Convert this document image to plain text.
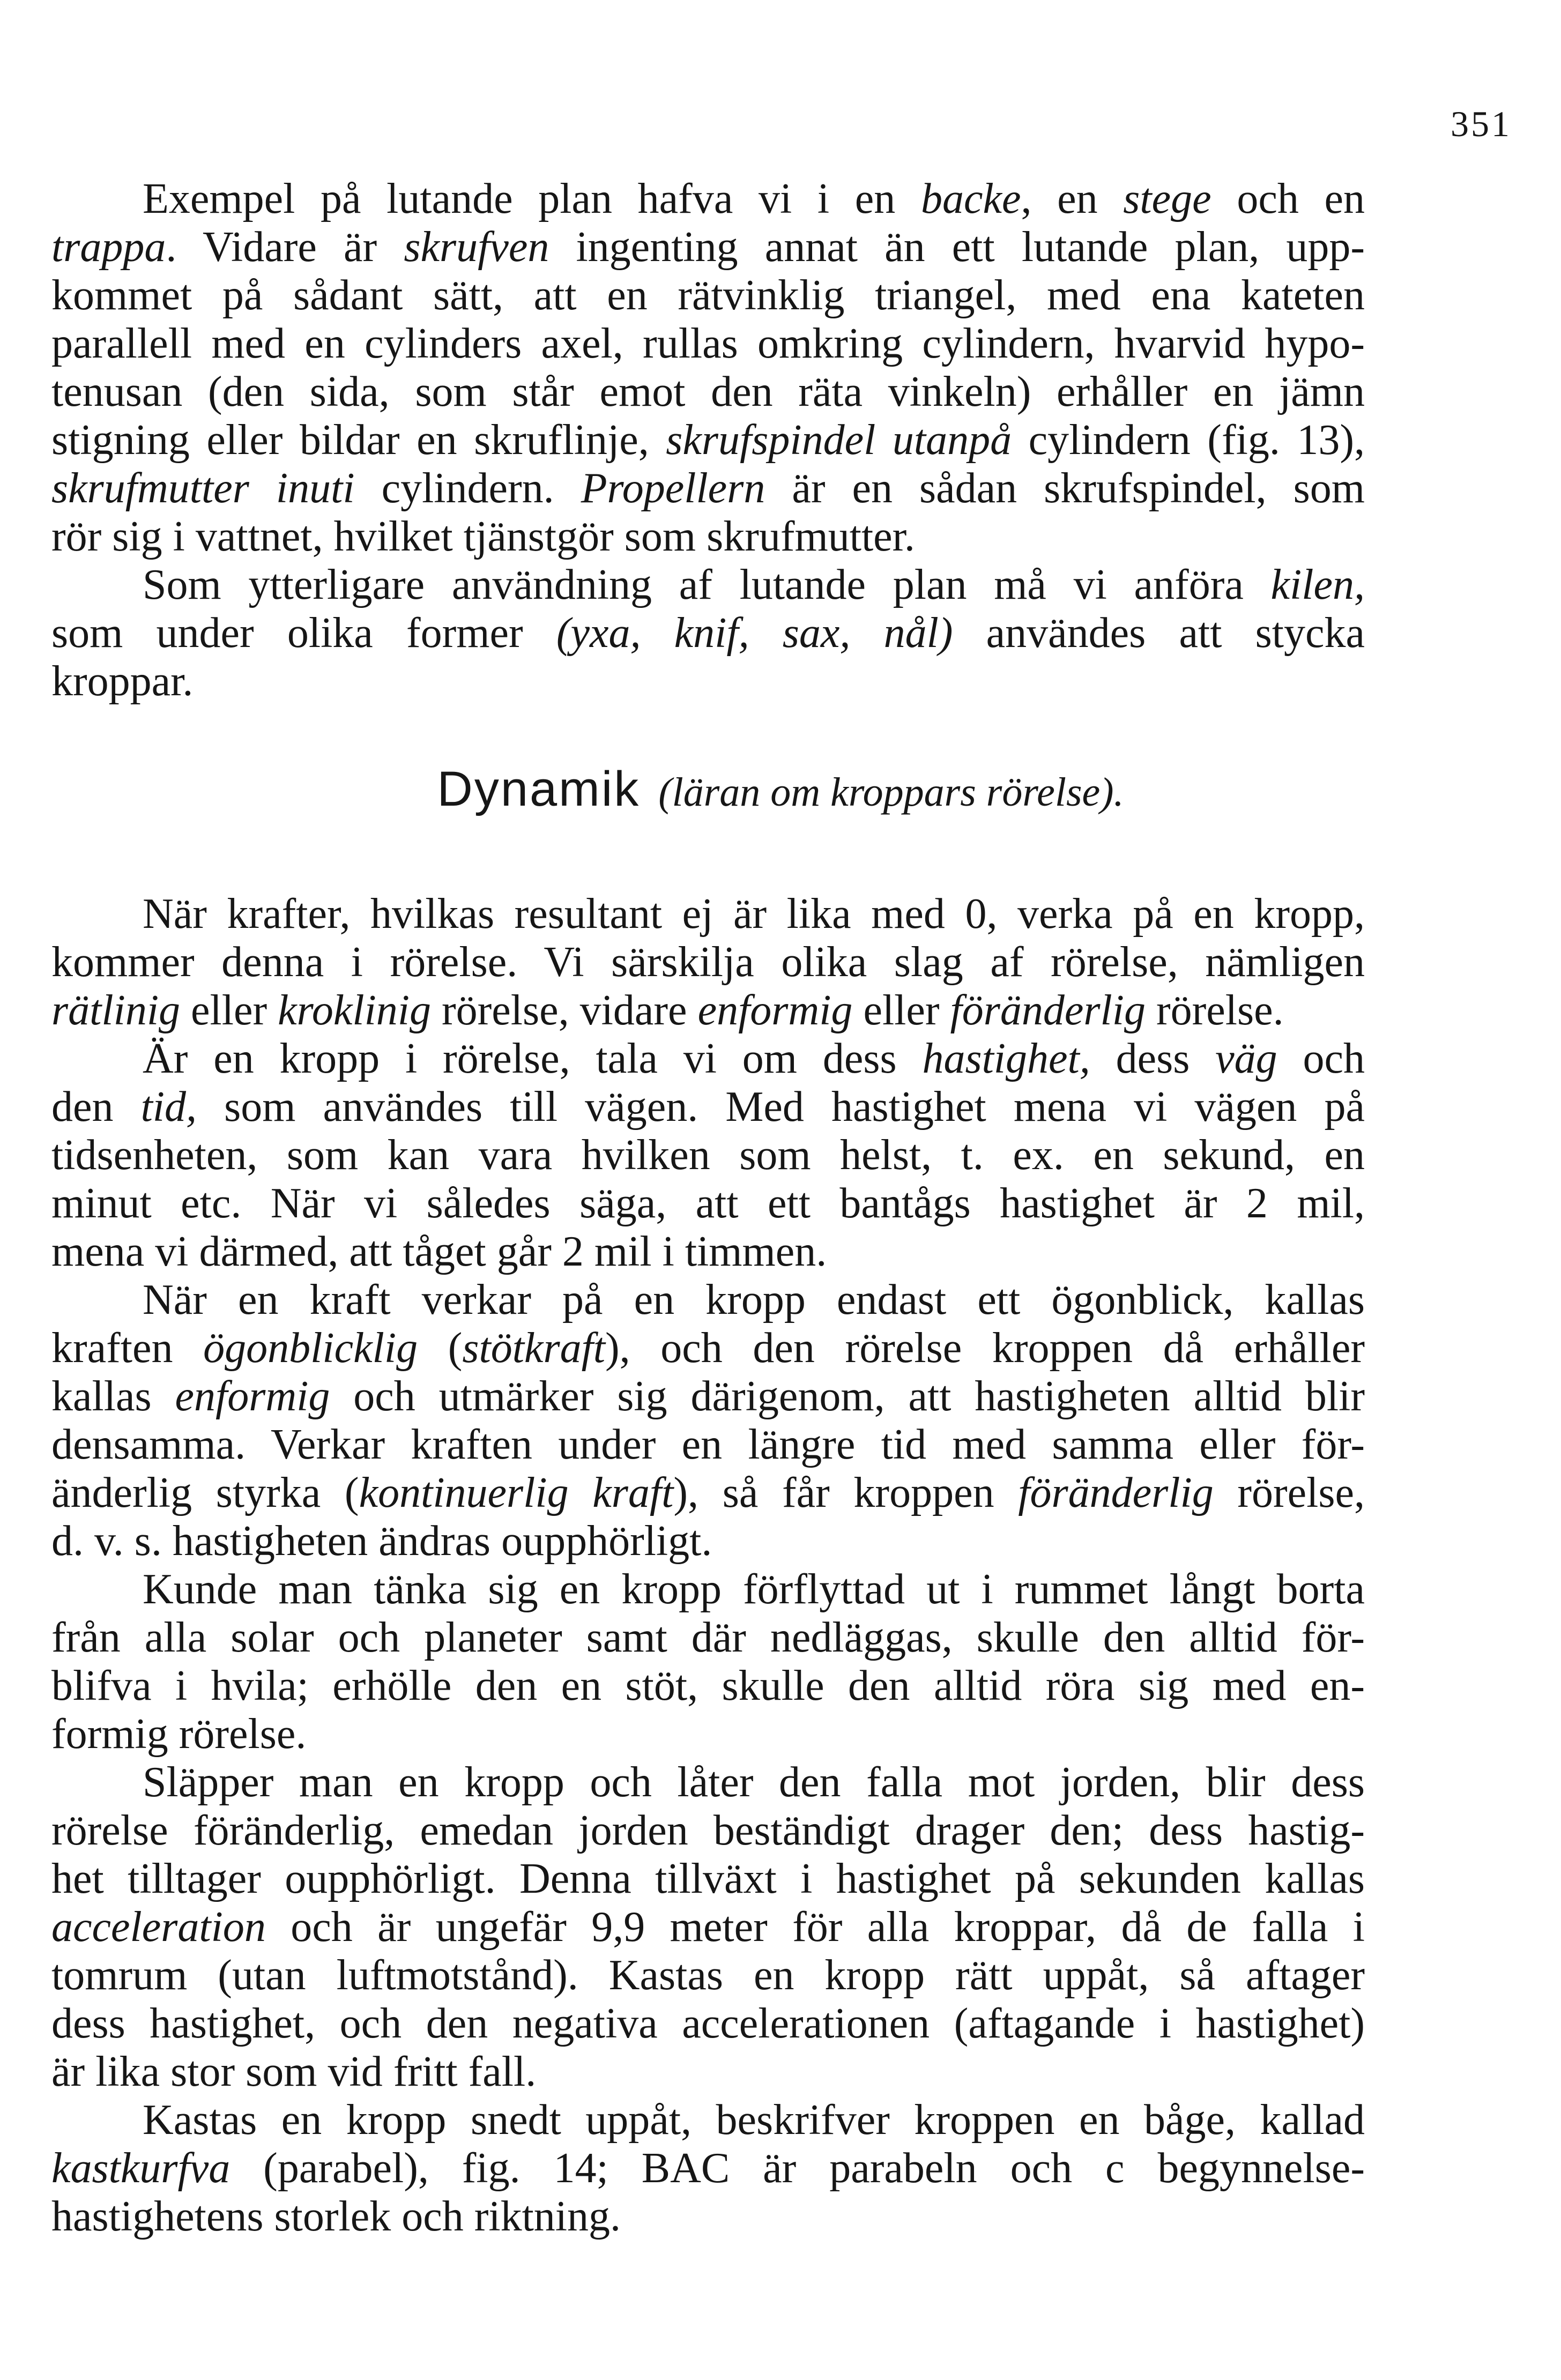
351
Exempel på lutande plan hafva vi i en backe, en stege och en
trappa. Vidare är skrufven ingenting annat än ett lutande plan, upp-
kommet på sådant sätt, att en rätvinklig triangel, med ena kateten
parallell med en cylinders axel, rullas omkring cylindern, hvarvid hypo-
tenusan (den sida, som står emot den räta vinkeln) erhåller en jämn
stigning eller bildar en skruflinje, skrufspindel utanpå cylindern (fig. 13),
skrufmutter inuti cylindern. Propellern är en sådan skrufspindel, som
rör sig i vattnet, hvilket tjänstgör som skrufmutter.
Som ytterligare användning af lutande plan må vi anföra kilen,
som under olika former (yxa, knif, sax, nål) användes att stycka
kroppar.
Dynamik (läran om kroppars rörelse).
När krafter, hvilkas resultant ej är lika med 0, verka på en kropp,
kommer denna i rörelse. Vi särskilja olika slag af rörelse, nämligen
rätlinig eller kroklinig rörelse, vidare enformig eller föränderlig rörelse.
Är en kropp i rörelse, tala vi om dess hastighet, dess väg och
den tid, som användes till vägen. Med hastighet mena vi vägen på
tidsenheten, som kan vara hvilken som helst, t. ex. en sekund, en
minut etc. När vi således säga, att ett bantågs hastighet är 2 mil,
mena vi därmed, att tåget går 2 mil i timmen.
När en kraft verkar på en kropp endast ett ögonblick, kallas
kraften ögonblicklig (stötkraft), och den rörelse kroppen då erhåller
kallas enformig och utmärker sig därigenom, att hastigheten alltid blir
densamma. Verkar kraften under en längre tid med samma eller för-
änderlig styrka (kontinuerlig kraft), så får kroppen föränderlig rörelse,
d. v. s. hastigheten ändras oupphörligt.
Kunde man tänka sig en kropp förflyttad ut i rummet långt borta
från alla solar och planeter samt där nedläggas, skulle den alltid för-
blifva i hvila; erhölle den en stöt, skulle den alltid röra sig med en-
formig rörelse.
Släpper man en kropp och låter den falla mot jorden, blir dess
rörelse föränderlig, emedan jorden beständigt drager den; dess hastig-
het tilltager oupphörligt. Denna tillväxt i hastighet på sekunden kallas
acceleration och är ungefär 9,9 meter för alla kroppar, då de falla i
tomrum (utan luftmotstånd). Kastas en kropp rätt uppåt, så aftager
dess hastighet, och den negativa accelerationen (aftagande i hastighet)
är lika stor som vid fritt fall.
Kastas en kropp snedt uppåt, beskrifver kroppen en båge, kallad
kastkurfva (parabel), fig. 14; BAC är parabeln och c begynnelse-
hastighetens storlek och riktning.
